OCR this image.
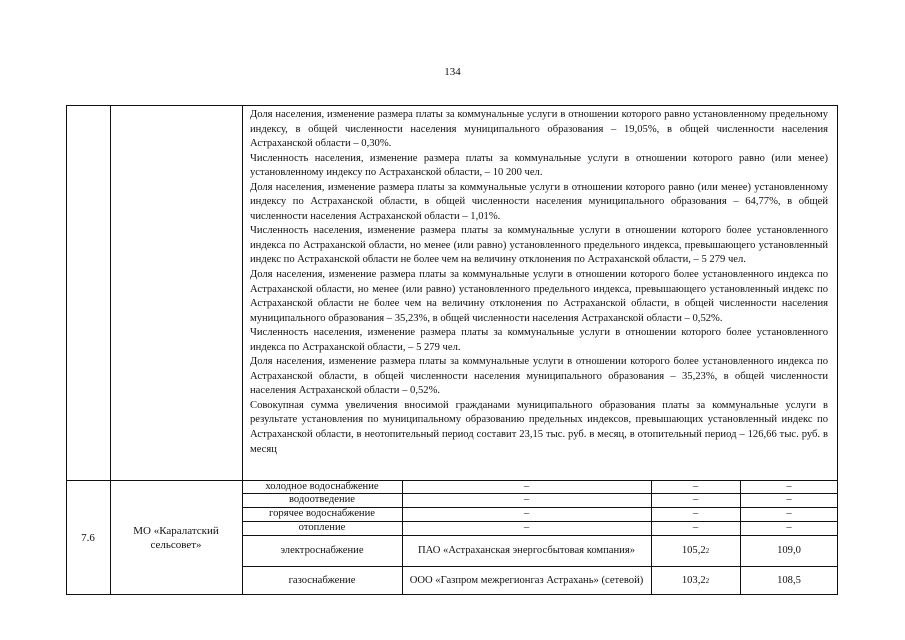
134

Доля населения, изменение размера платы за коммунальные услуги в отношении которого равно установленному предельному индексу, в общей численности населения муниципального образования – 19,05%, в общей численности населения Астраханской области – 0,30%.

Численность населения, изменение размера платы за коммунальные услуги в отношении которого равно (или менее) установленному индексу по Астраханской области, – 10 200 чел.

Доля населения, изменение размера платы за коммунальные услуги в отношении которого равно (или менее) установленному индексу по Астраханской области, в общей численности населения муниципального образования – 64,77%, в общей численности населения Астраханской области – 1,01%.

Численность населения, изменение размера платы за коммунальные услуги в отношении которого более установленного индекса по Астраханской области, но менее (или равно) установленного предельного индекса, превышающего установленный индекс по Астраханской области не более чем на величину отклонения по Астраханской области, – 5 279 чел.

Доля населения, изменение размера платы за коммунальные услуги в отношении которого более установленного индекса по Астраханской области, но менее (или равно) установленного предельного индекса, превышающего установленный индекс по Астраханской области не более чем на величину отклонения по Астраханской области, в общей численности населения муниципального образования – 35,23%, в общей численности населения Астраханской области – 0,52%.

Численность населения, изменение размера платы за коммунальные услуги в отношении которого более установленного индекса по Астраханской области, – 5 279 чел.

Доля населения, изменение размера платы за коммунальные услуги в отношении которого более установленного индекса по Астраханской области, в общей численности населения муниципального образования – 35,23%, в общей численности населения Астраханской области – 0,52%.

Совокупная сумма увеличения вносимой гражданами муниципального образования платы за коммунальные услуги в результате установления по муниципальному образованию предельных индексов, превышающих установленный индекс по Астраханской области, в неотопительный период составит 23,15 тыс. руб. в месяц, в отопительный период – 126,66 тыс. руб. в месяц

7.6
МО «Каралатский сельсовет»
холодное водоснабжение	–	–	–
водоотведение	–	–	–
горячее водоснабжение	–	–	–
отопление	–	–	–
электроснабжение	ПАО «Астраханская энергосбытовая компания»	105,2 2	109,0
газоснабжение	ООО «Газпром межрегионгаз Астрахань» (сетевой)	103,2 2	108,5
